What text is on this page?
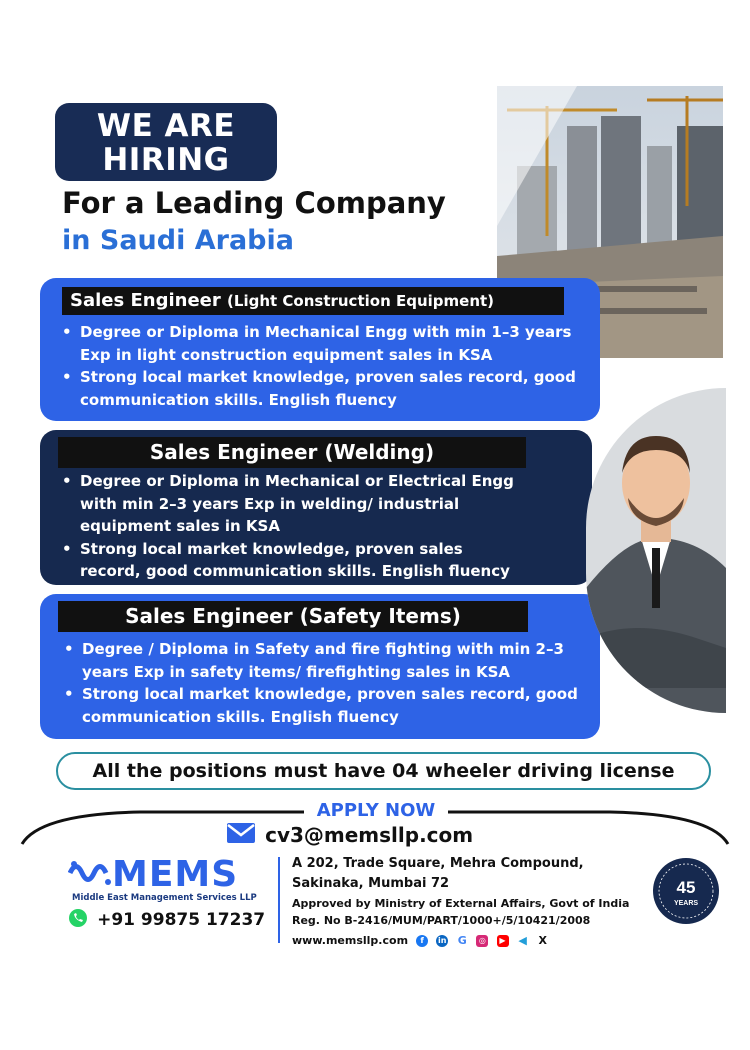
WE ARE
HIRING
For a Leading Company
in Saudi Arabia
Sales Engineer (Light Construction Equipment)
• Degree or Diploma in Mechanical Engg with min 1–3 years Exp in light construction equipment sales in KSA
• Strong local market knowledge, proven sales record, good communication skills. English fluency
Sales Engineer (Welding)
• Degree or Diploma in Mechanical or Electrical Engg with min 2–3 years Exp in welding/ industrial equipment sales in KSA
• Strong local market knowledge, proven sales record, good communication skills. English fluency
Sales Engineer (Safety Items)
• Degree / Diploma in Safety and fire fighting with min 2–3 years Exp in safety items/ firefighting sales in KSA
• Strong local market knowledge, proven sales record, good communication skills. English fluency
All the positions must have 04 wheeler driving license
APPLY NOW
cv3@memsllp.com
MEMS
Middle East Management Services LLP
+91 99875 17237
A 202, Trade Square, Mehra Compound,
Sakinaka, Mumbai 72
Approved by Ministry of External Affairs, Govt of India
Reg. No B-2416/MUM/PART/1000+/5/10421/2008
www.memsllp.com f in G ◎ ▶ ◀ X
45
YEARS
